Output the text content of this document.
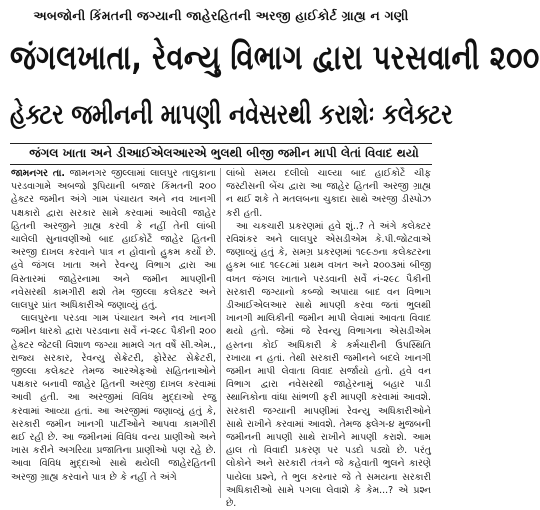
અબજોની કિંમતની જગ્યાની જાહેરહિતની અરજી હાઈકોર્ટ ગ્રાહ્ય ન ગણી
જંગલખાતા, રેવન્યુ વિભાગ દ્વારા પરસવાની ૨૦૦
હેક્ટર જમીનની માપણી નવેસરથી કરાશેઃ કલેક્ટર
જંગલ ખાતા અને ડીઆઈએલઆરએ ભુલથી બીજી જમીન માપી લેતાં વિવાદ થયો

જામનગર તા. જામનગર જીલ્લામાં લાલપુર તાલુકાના પરડવાગામે અબજો રૂપિયાની બજાર કિંમતની ૨૦૦ હેક્ટર જમીન અંગે ગામ પંચાયત અને નવ ખાનગી પક્ષકારો દ્વારા સરકાર સામે કરવામાં આવેલી જાહેર હિતની અરજીને ગ્રાહ્ય કરવી કે નહીં તેની લાંબી ચાલેલી સુનાવણીઓ બાદ હાઈકોર્ટે જાહેર હિતની અરજી દાખલ કરવાને પાત્ર ન હોવાનો હુકમ કર્યો છે. હવે જંગલ ખાતા અને રેવન્યુ વિભાગ દ્વારા આ વિસ્તારમાં જાહેરનામા અને જમીન માપણીની નવેસરથી કામગીરી થશે તેમ જીલ્લા કલેક્ટર અને લાલપુર પ્રાંત અધિકારીએ જણાવ્યું હતું.

લાલપુરના પરડવા ગામ પંચાયત અને નવ ખાનગી જમીન ધારકો દ્વારા પરડવાના સર્વે નં-૨૯૮ પૈકીની ૨૦૦ હેક્ટર જેટલી વિશાળ જગ્યા મામલે ગત વર્ષે સી.એમ., રાજ્ય સરકાર, રેવન્યુ સેક્રેટરી, ફોરેસ્ટ સેક્રેટરી, જીલ્લા કલેક્ટર તેમજ આરએફઓ સહિતનાઓને પક્ષકાર બનાવી જાહેર હિતની અરજી દાખલ કરવામાં આવી હતી. આ અરજીમાં વિવિધ મુદ્દાઓ રજુ કરવામાં આવ્યા હતાં. આ અરજીમાં જણાવ્યું હતું કે, સરકારી જમીન ખાનગી પાર્ટીઓને આપવા કામગીરી થઈ રહી છે. આ જમીનમાં વિવિધ વન્ય પ્રાણીઓ અને ખાસ કરીને અગરિયા પ્રજાતિના પ્રાણીઓ પણ રહે છે. આવા વિવિધ મુદ્દાઓ સાથે થયેલી જાહેરહિતની અરજી ગ્રાહ્ય કરવાને પાત્ર છે કે નહીં તે અંગે

લાંબો સમય દલીલો ચાલ્યા બાદ હાઈકોર્ટે ચીફ જસ્ટીસની બેંચ દ્વારા આ જાહેર હિતની અરજી ગ્રાહ્ય ન થઈ શકે તે મતલબના ચુકાદા સાથે અરજી ડીસ્પોઝ કરી હતી.

આ ચકચારી પ્રકરણમાં હવે શું..? તે અંગે કલેક્ટર રવિશંકર અને લાલપુર એસડીએમ કે.પી.જોટવાએ જણાવ્યું હતું કે, સમગ્ર પ્રકરણમાં ૧૯૯૭ના કલેક્ટરના હુકમ બાદ ૧૯૯૮માં પ્રથમ વખત અને ૨૦૦૩માં બીજી વખત જંગલ ખાતાને પરડવાની સર્વે નં-૨૯૮ પૈકીની સરકારી જગ્યાનો કબ્જો અપાયા બાદ વન વિભાગ ડીઆઈએલઆર સાથે માપણી કરવા જતાં ભુલથી ખાનગી માલિકીની જમીન માપી લેવામાં આવતા વિવાદ થયો હતો. જેમાં જે રેવન્યુ વિભાગના એસડીએમ હસ્તના કોઈ અધિકારી કે કર્મચારીની ઉપસ્થિતિ રખાયા ન હતાં. તેથી સરકારી જમીનને બદલે ખાનગી જમીન માપી લેવાતા વિવાદ સર્જાયો હતો. હવે વન વિભાગ દ્વારા નવેસરથી જાહેરનામું બહાર પાડી સ્થાનિકોના વાંધા સાંભળી ફરી માપણી કરવામાં આવશે. સરકારી જગ્યાની માપણીમાં રેવન્યુ અધિકારીઓને સાથે રાખીને કરવામાં આવશે. તેમજ ફ્લેગ-૪ મુજબની જમીનની માપણી સાથે રાખીને માપણી કરાશે. આમ હાલ તો વિવાદી પ્રકરણ પર પડદો પડ્યો છે. પરંતુ લોકોને અને સરકારી તંત્રને જે કહેવાતી ભુલને કારણે પાયેલા પ્રશ્ને, તે ભુલ કરનાર જે તે સમયના સરકારી અધિકારીઓ સામે પગલા લેવાશે કે કેમ...? એ પ્રશ્ન છે.
